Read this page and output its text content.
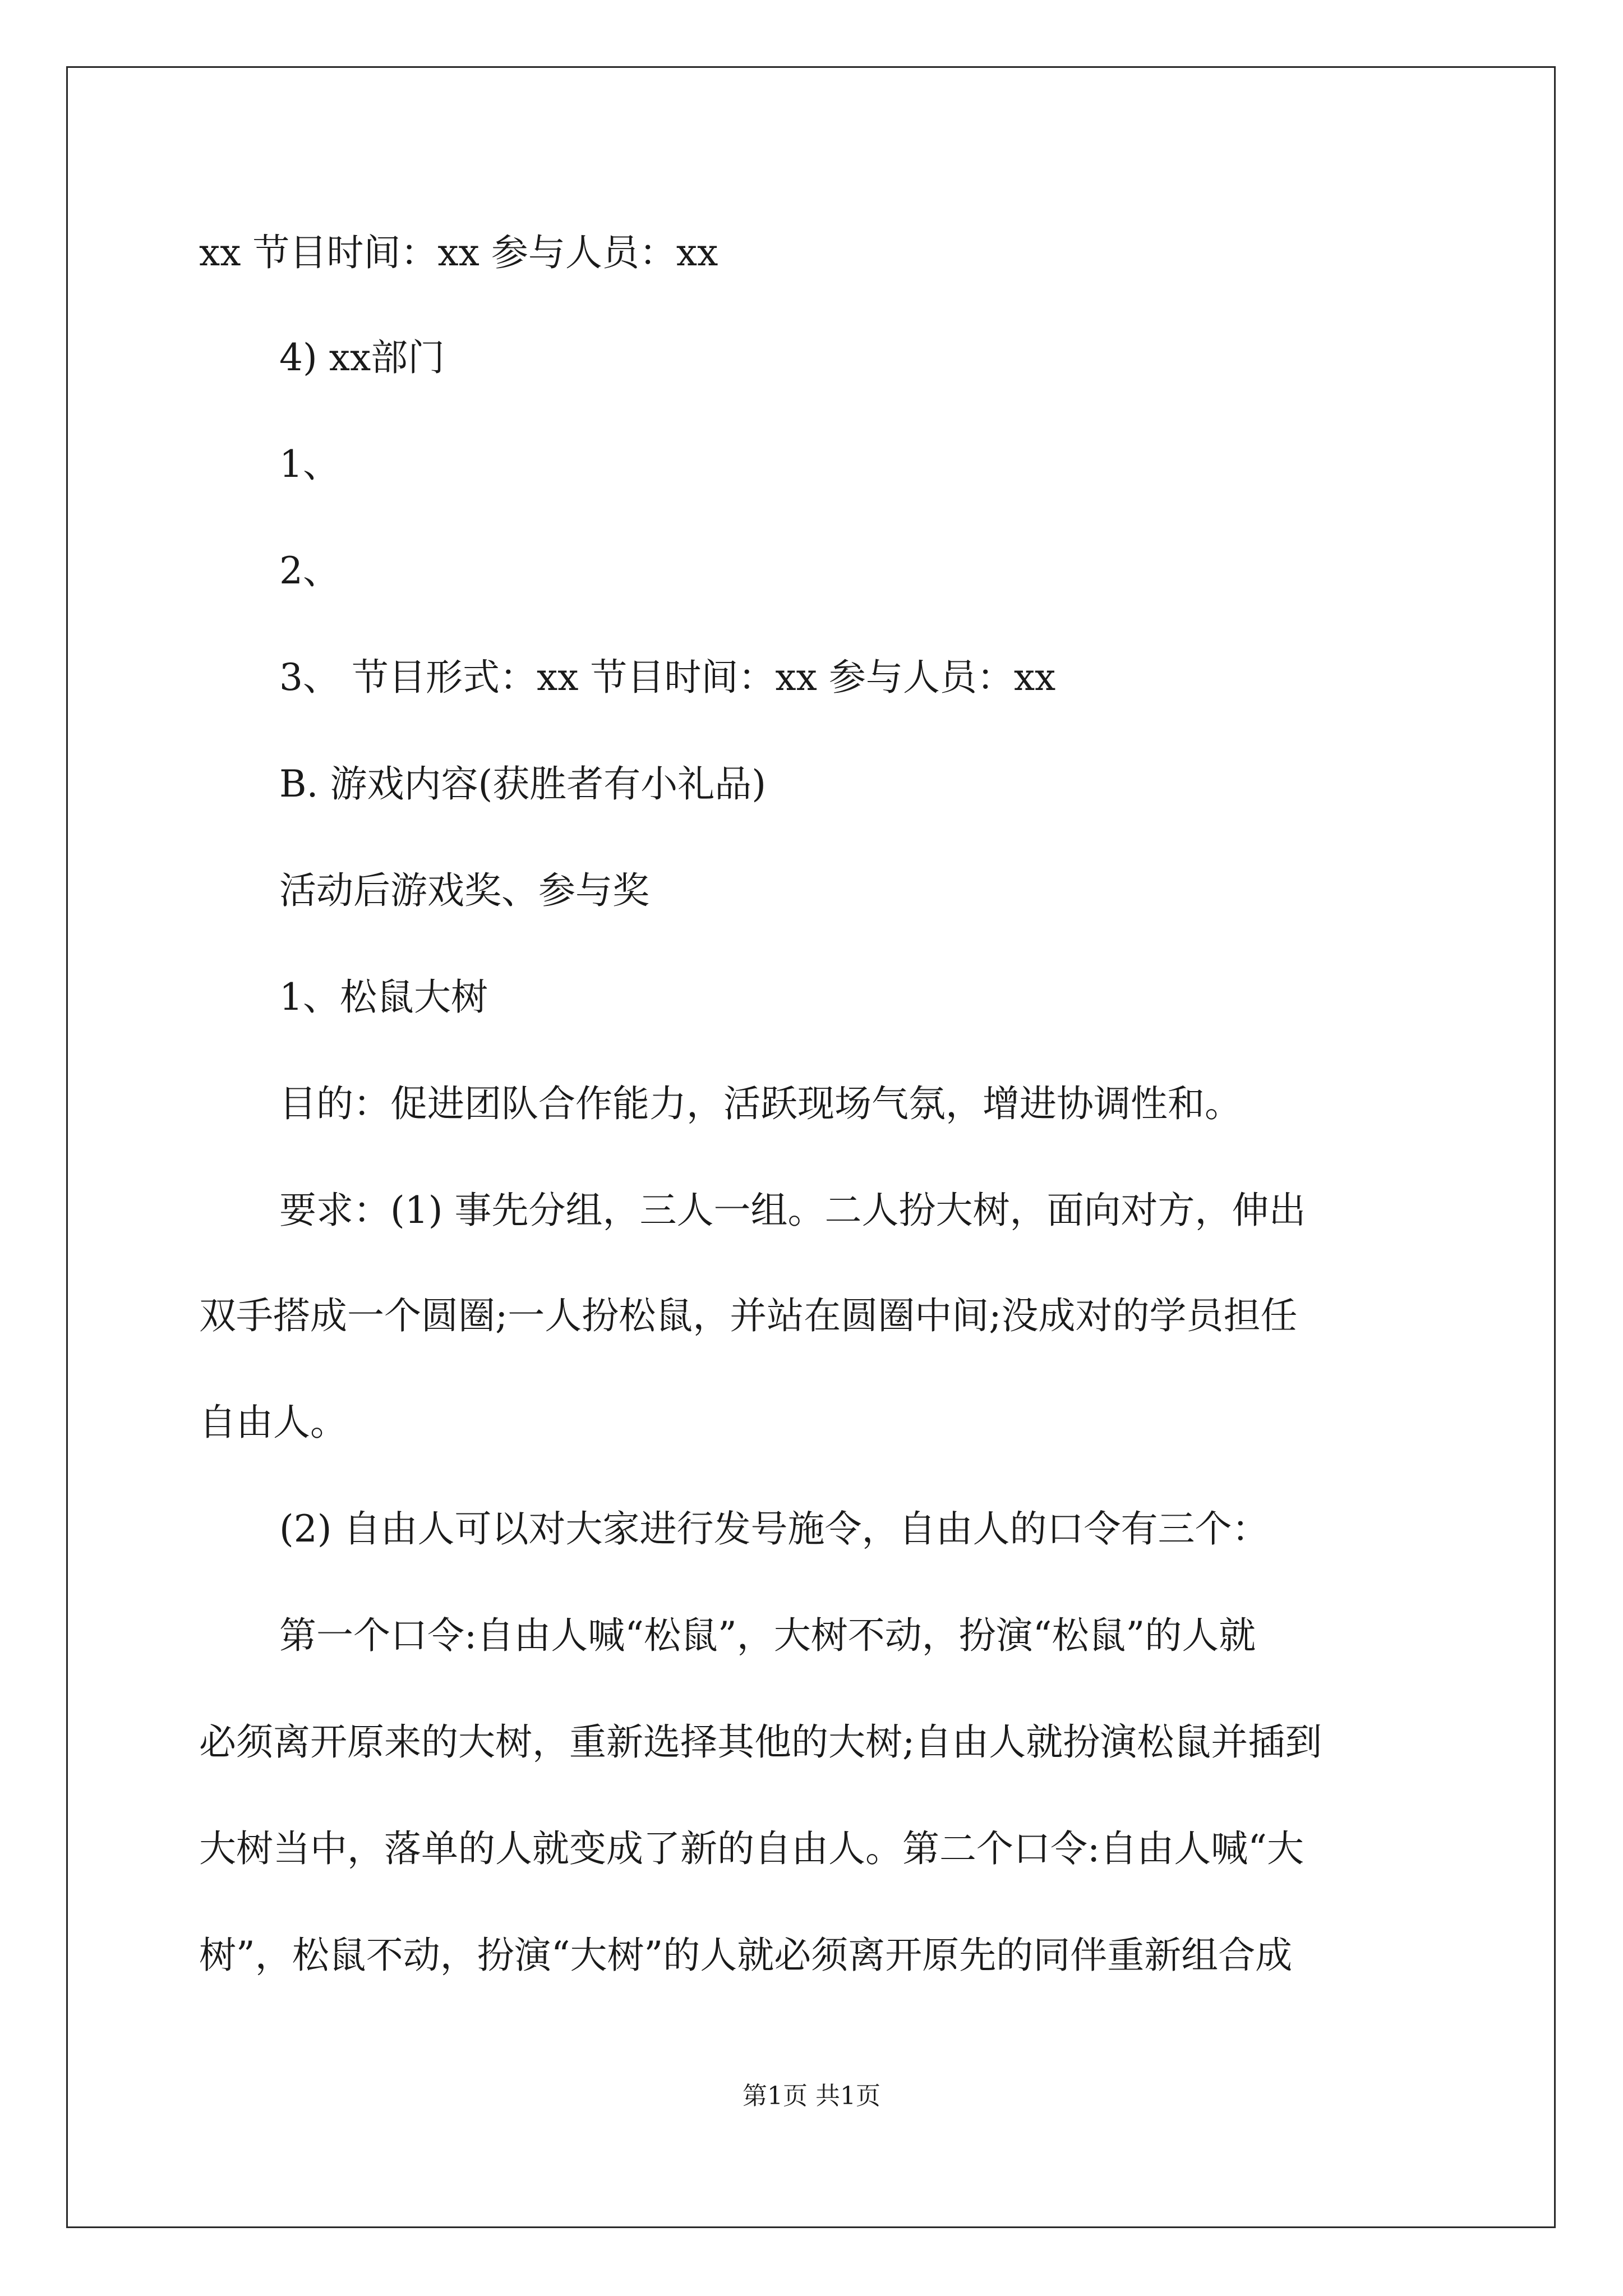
xx 节目时间：xx 参与人员：xx
4) xx部门
1、
2、
3、 节目形式：xx 节目时间：xx 参与人员：xx
B. 游戏内容(获胜者有小礼品)
活动后游戏奖、参与奖
1、松鼠大树
目的：促进团队合作能力，活跃现场气氛，增进协调性和。
要求：(1) 事先分组，三人一组。二人扮大树，面向对方，伸出
双手搭成一个圆圈;一人扮松鼠，并站在圆圈中间;没成对的学员担任
自由人。
(2) 自由人可以对大家进行发号施令，自由人的口令有三个：
第一个口令:自由人喊“松鼠”，大树不动，扮演“松鼠”的人就
必须离开原来的大树，重新选择其他的大树;自由人就扮演松鼠并插到
大树当中，落单的人就变成了新的自由人。第二个口令:自由人喊“大
树”，松鼠不动，扮演“大树”的人就必须离开原先的同伴重新组合成
第1页 共1页
